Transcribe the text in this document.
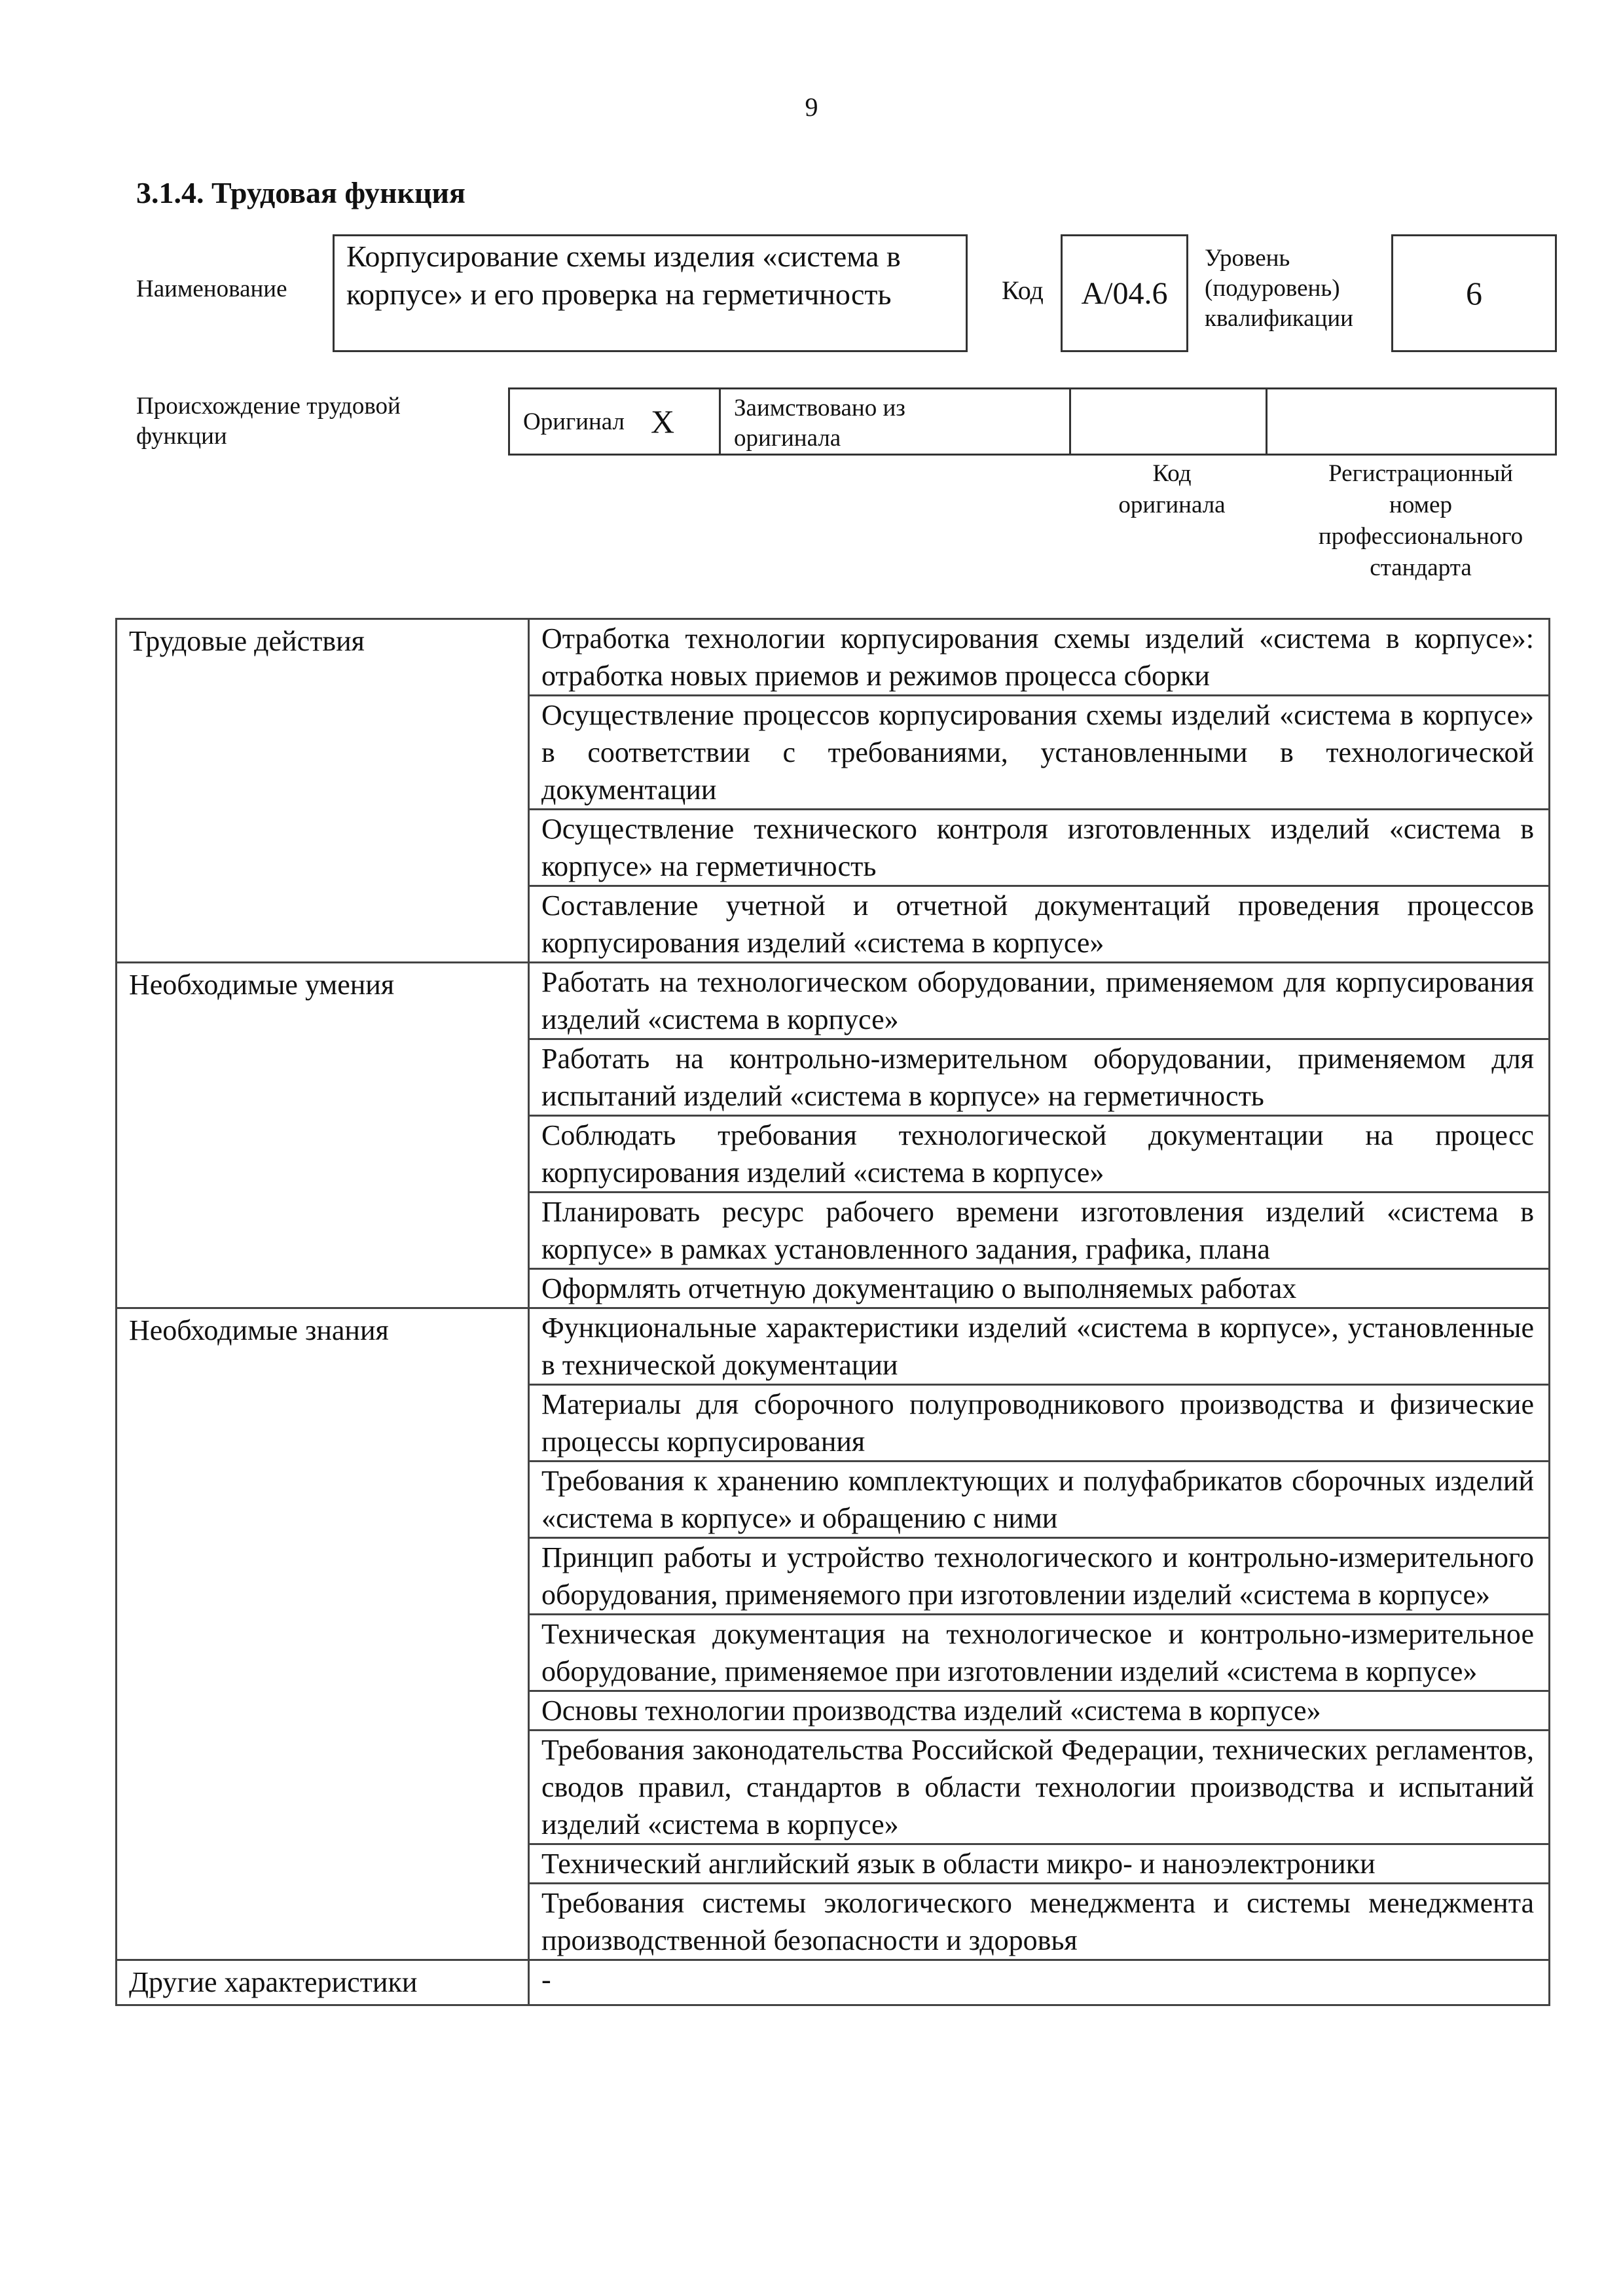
9
3.1.4. Трудовая функция
Наименование
Корпусирование схемы изделия «система в корпусе» и его проверка на герметичность	Код	А/04.6
Уровень
(подуровень)
квалификации
6
Происхождение трудовой
функции
Оригинал X Заимствовано из
оригинала
Код
оригинала
Регистрационный
номер
профессионального
стандарта
Трудовые действия	Отработка технологии корпусирования схемы изделий «система в корпусе»: отработка новых приемов и режимов процесса сборки
	Осуществление процессов корпусирования схемы изделий «система в корпусе» в соответствии с требованиями, установленными в технологической документации
	Осуществление технического контроля изготовленных изделий «система в корпусе» на герметичность
	Составление учетной и отчетной документаций проведения процессов корпусирования изделий «система в корпусе»
Необходимые умения	Работать на технологическом оборудовании, применяемом для корпусирования изделий «система в корпусе»
	Работать на контрольно-измерительном оборудовании, применяемом для испытаний изделий «система в корпусе» на герметичность
	Соблюдать требования технологической документации на процесс корпусирования изделий «система в корпусе»
	Планировать ресурс рабочего времени изготовления изделий «система в корпусе» в рамках установленного задания, графика, плана
	Оформлять отчетную документацию о выполняемых работах
Необходимые знания	Функциональные характеристики изделий «система в корпусе», установленные в технической документации
	Материалы для сборочного полупроводникового производства и физические процессы корпусирования
	Требования к хранению комплектующих и полуфабрикатов сборочных изделий «система в корпусе» и обращению с ними
	Принцип работы и устройство технологического и контрольно-измерительного оборудования, применяемого при изготовлении изделий «система в корпусе»
	Техническая документация на технологическое и контрольно-измерительное оборудование, применяемое при изготовлении изделий «система в корпусе»
	Основы технологии производства изделий «система в корпусе»
	Требования законодательства Российской Федерации, технических регламентов, сводов правил, стандартов в области технологии производства и испытаний изделий «система в корпусе»
	Технический английский язык в области микро- и наноэлектроники
	Требования системы экологического менеджмента и системы менеджмента производственной безопасности и здоровья
Другие характеристики	-
